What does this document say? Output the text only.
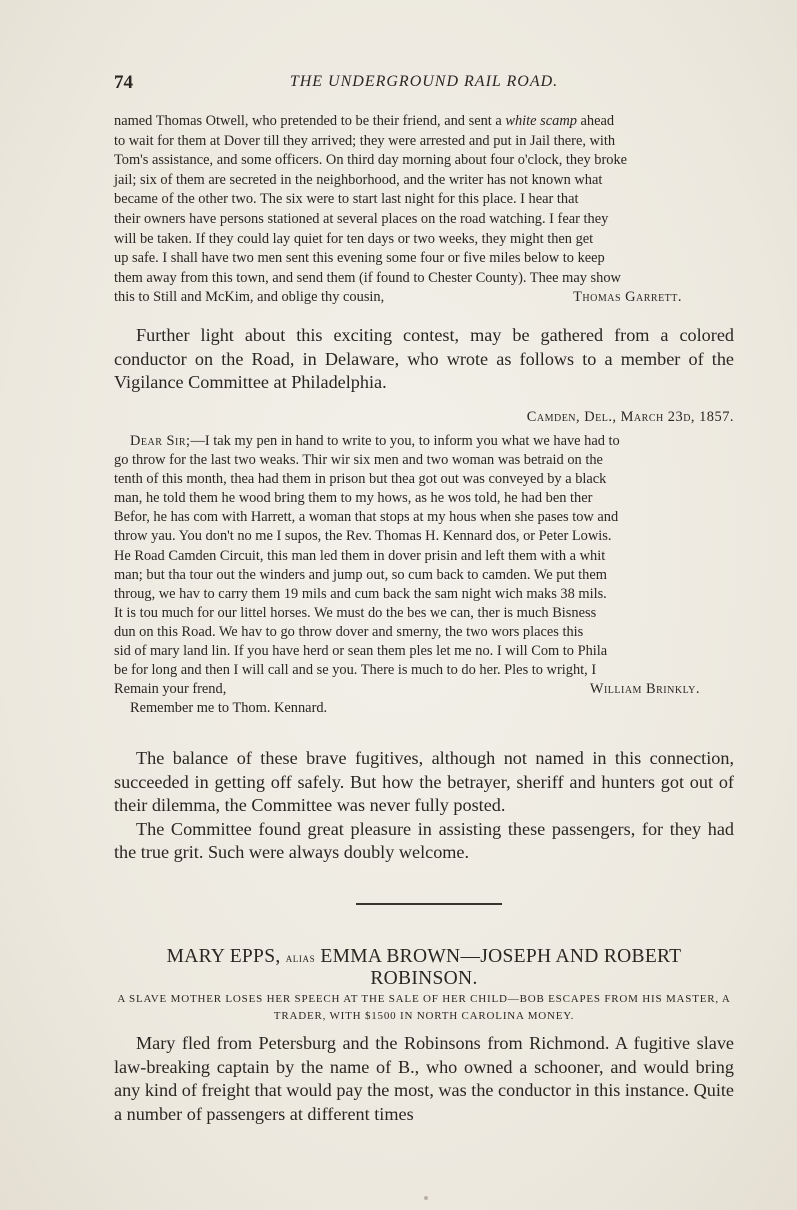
74	THE UNDERGROUND RAIL ROAD.

named Thomas Otwell, who pretended to be their friend, and sent a white scamp ahead

to wait for them at Dover till they arrived; they were arrested and put in Jail there, with

Tom's assistance, and some officers. On third day morning about four o'clock, they broke

jail; six of them are secreted in the neighborhood, and the writer has not known what

became of the other two. The six were to start last night for this place. I hear that

their owners have persons stationed at several places on the road watching. I fear they

will be taken. If they could lay quiet for ten days or two weeks, they might then get

up safe. I shall have two men sent this evening some four or five miles below to keep

them away from this town, and send them (if found to Chester County). Thee may show

this to Still and McKim, and oblige thy cousin,	Thomas Garrett.

Further light about this exciting contest, may be gathered from a colored conductor on the Road, in Delaware, who wrote as follows to a member of the Vigilance Committee at Philadelphia.

Camden, Del., March 23d, 1857.

Dear Sir;—I tak my pen in hand to write to you, to inform you what we have had to

go throw for the last two weaks. Thir wir six men and two woman was betraid on the

tenth of this month, thea had them in prison but thea got out was conveyed by a black

man, he told them he wood bring them to my hows, as he wos told, he had ben ther

Befor, he has com with Harrett, a woman that stops at my hous when she pases tow and

throw yau. You don't no me I supos, the Rev. Thomas H. Kennard dos, or Peter Lowis.

He Road Camden Circuit, this man led them in dover prisin and left them with a whit

man; but tha tour out the winders and jump out, so cum back to camden. We put them

throug, we hav to carry them 19 mils and cum back the sam night wich maks 38 mils.

It is tou much for our littel horses. We must do the bes we can, ther is much Bisness

dun on this Road. We hav to go throw dover and smerny, the two wors places this

sid of mary land lin. If you have herd or sean them ples let me no. I will Com to Phila

be for long and then I will call and se you. There is much to do her. Ples to wright, I

Remain your frend,	William Brinkly.

Remember me to Thom. Kennard.

The balance of these brave fugitives, although not named in this connection, succeeded in getting off safely. But how the betrayer, sheriff and hunters got out of their dilemma, the Committee was never fully posted.

The Committee found great pleasure in assisting these passengers, for they had the true grit. Such were always doubly welcome.

MARY EPPS, alias EMMA BROWN—JOSEPH AND ROBERT ROBINSON.
A SLAVE MOTHER LOSES HER SPEECH AT THE SALE OF HER CHILD—BOB ESCAPES FROM HIS MASTER, A TRADER, WITH $1500 IN NORTH CAROLINA MONEY.

Mary fled from Petersburg and the Robinsons from Richmond. A fugitive slave law-breaking captain by the name of B., who owned a schooner, and would bring any kind of freight that would pay the most, was the conductor in this instance. Quite a number of passengers at different times
